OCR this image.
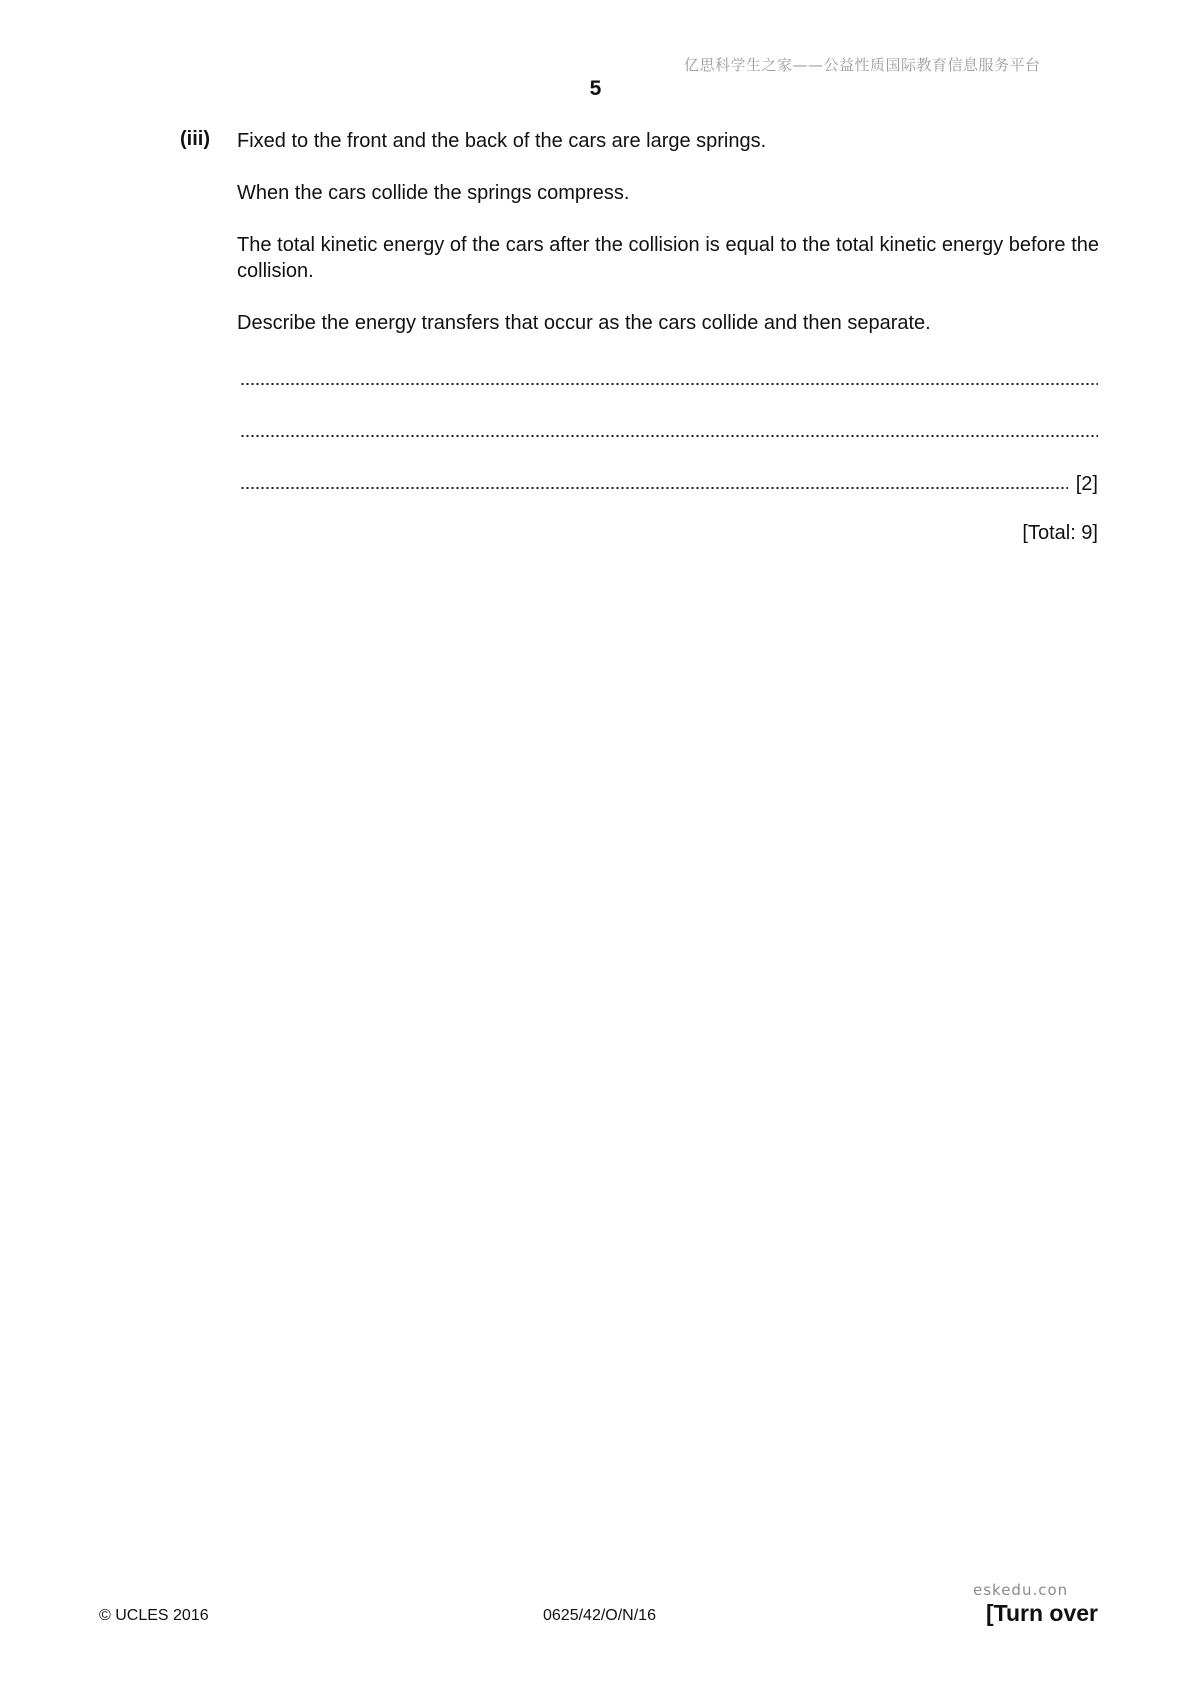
亿思科学生之家——公益性质国际教育信息服务平台
5
(iii) Fixed to the front and the back of the cars are large springs.
When the cars collide the springs compress.
The total kinetic energy of the cars after the collision is equal to the total kinetic energy before the collision.
Describe the energy transfers that occur as the cars collide and then separate.
[2]
[Total: 9]
© UCLES 2016	0625/42/O/N/16
eskedu.con
[Turn over
